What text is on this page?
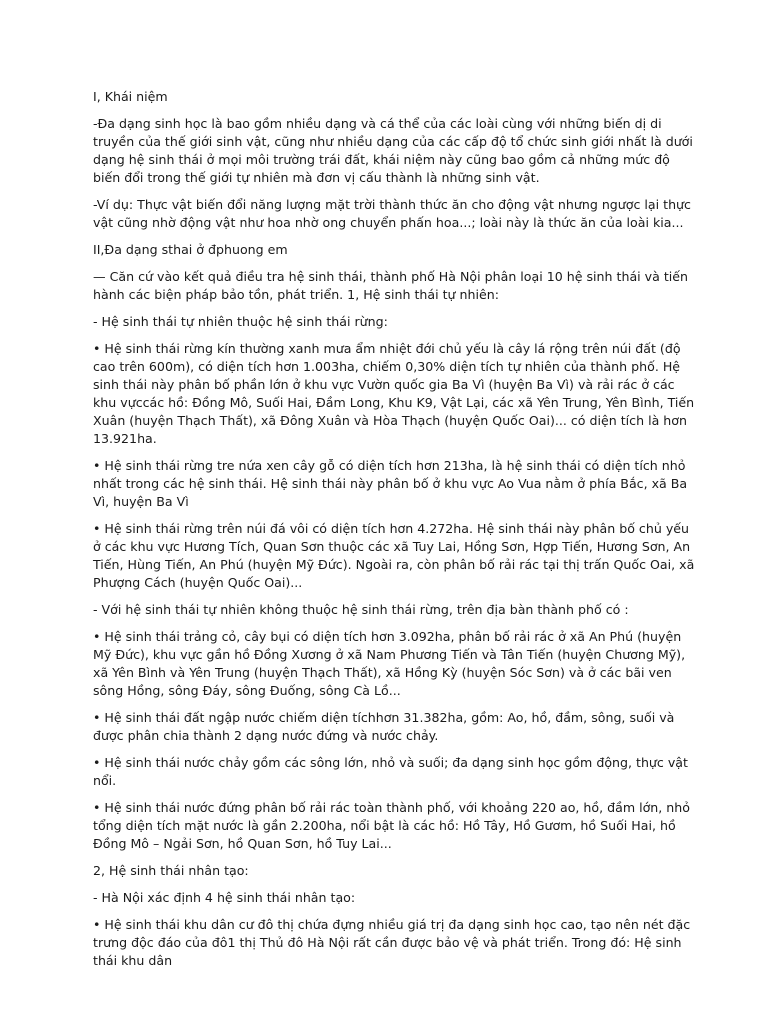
I, Khái niệm

-Đa dạng sinh học là bao gồm nhiều dạng và cá thể của các loài cùng với những biến dị di truyền của thế giới sinh vật, cũng như nhiều dạng của các cấp độ tổ chức sinh giới nhất là dưới dạng hệ sinh thái ở mọi môi trường trái đất, khái niệm này cũng bao gồm cả những mức độ biến đổi trong thế giới tự nhiên mà đơn vị cấu thành là những sinh vật.

-Ví dụ: Thực vật biến đổi năng lượng mặt trời thành thức ăn cho động vật nhưng ngược lại thực vật cũng nhờ động vật như hoa nhờ ong chuyển phấn hoa...; loài này là thức ăn của loài kia...

II,Đa dạng sthai ở đphuong em

— Căn cứ vào kết quả điều tra hệ sinh thái, thành phố Hà Nội phân loại 10 hệ sinh thái và tiến hành các biện pháp bảo tồn, phát triển. 1, Hệ sinh thái tự nhiên:

- Hệ sinh thái tự nhiên thuộc hệ sinh thái rừng:

• Hệ sinh thái rừng kín thường xanh mưa ẩm nhiệt đới chủ yếu là cây lá rộng trên núi đất (độ cao trên 600m), có diện tích hơn 1.003ha, chiếm 0,30% diện tích tự nhiên của thành phố. Hệ sinh thái này phân bố phần lớn ở khu vực Vườn quốc gia Ba Vì (huyện Ba Vì) và rải rác ở các khu vựccác hồ: Đồng Mô, Suối Hai, Đầm Long, Khu K9, Vật Lại, các xã Yên Trung, Yên Bình, Tiến Xuân (huyện Thạch Thất), xã Đông Xuân và Hòa Thạch (huyện Quốc Oai)... có diện tích là hơn 13.921ha.

• Hệ sinh thái rừng tre nứa xen cây gỗ có diện tích hơn 213ha, là hệ sinh thái có diện tích nhỏ nhất trong các hệ sinh thái. Hệ sinh thái này phân bố ở khu vực Ao Vua nằm ở phía Bắc, xã Ba Vì, huyện Ba Vì

• Hệ sinh thái rừng trên núi đá vôi có diện tích hơn 4.272ha. Hệ sinh thái này phân bố chủ yếu ở các khu vực Hương Tích, Quan Sơn thuộc các xã Tuy Lai, Hồng Sơn, Hợp Tiến, Hương Sơn, An Tiến, Hùng Tiến, An Phú (huyện Mỹ Đức). Ngoài ra, còn phân bố rải rác tại thị trấn Quốc Oai, xã Phượng Cách (huyện Quốc Oai)...

- Với hệ sinh thái tự nhiên không thuộc hệ sinh thái rừng, trên địa bàn thành phố có :

• Hệ sinh thái trảng cỏ, cây bụi có diện tích hơn 3.092ha, phân bố rải rác ở xã An Phú (huyện Mỹ Đức), khu vực gần hồ Đồng Xương ở xã Nam Phương Tiến và Tân Tiến (huyện Chương Mỹ), xã Yên Bình và Yên Trung (huyện Thạch Thất), xã Hồng Kỳ (huyện Sóc Sơn) và ở các bãi ven sông Hồng, sông Đáy, sông Đuống, sông Cà Lồ...

• Hệ sinh thái đất ngập nước chiếm diện tíchhơn 31.382ha, gồm: Ao, hồ, đầm, sông, suối và được phân chia thành 2 dạng nước đứng và nước chảy.

• Hệ sinh thái nước chảy gồm các sông lớn, nhỏ và suối; đa dạng sinh học gồm động, thực vật nổi.

• Hệ sinh thái nước đứng phân bố rải rác toàn thành phố, với khoảng 220 ao, hồ, đầm lớn, nhỏ tổng diện tích mặt nước là gần 2.200ha, nổi bật là các hồ: Hồ Tây, Hồ Gươm, hồ Suối Hai, hồ Đồng Mô – Ngải Sơn, hồ Quan Sơn, hồ Tuy Lai...

2, Hệ sinh thái nhân tạo:

- Hà Nội xác định 4 hệ sinh thái nhân tạo:

• Hệ sinh thái khu dân cư đô thị chứa đựng nhiều giá trị đa dạng sinh học cao, tạo nên nét đặc trưng độc đáo của đô1 thị Thủ đô Hà Nội rất cần được bảo vệ và phát triển. Trong đó: Hệ sinh thái khu dân
